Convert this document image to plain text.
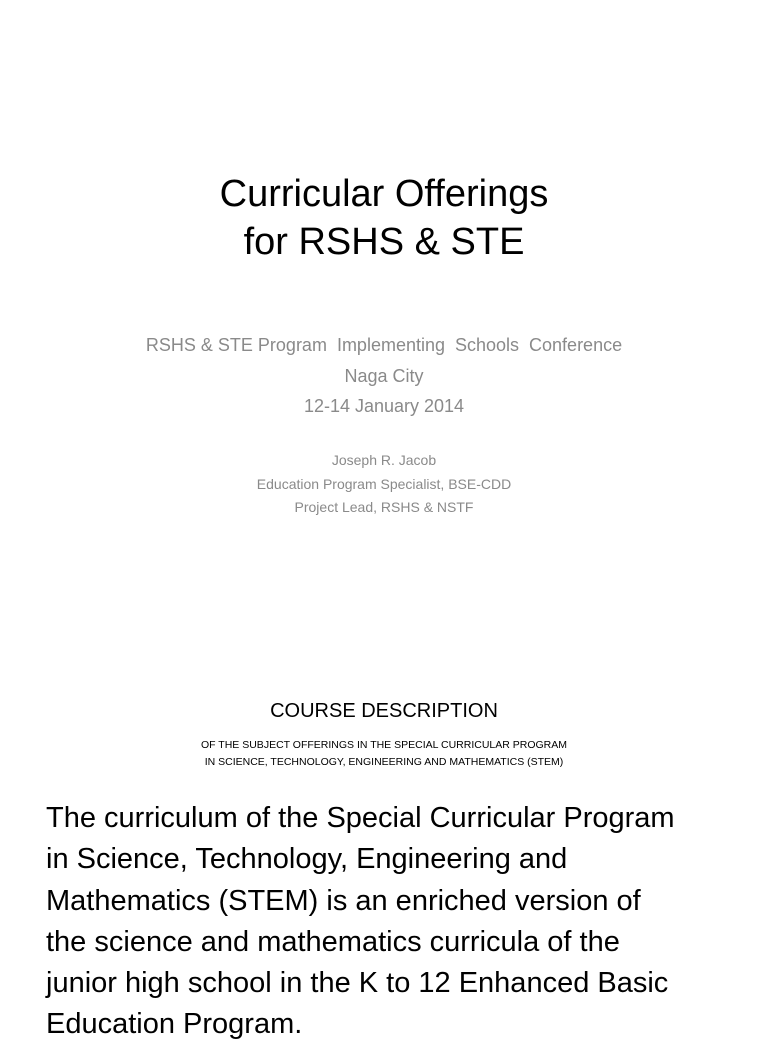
Curricular Offerings
for RSHS & STE
RSHS & STE Program  Implementing  Schools  Conference
Naga City
12-14 January 2014
Joseph R. Jacob
Education Program Specialist, BSE-CDD
Project Lead, RSHS & NSTF
COURSE DESCRIPTION
OF THE SUBJECT OFFERINGS IN THE SPECIAL CURRICULAR PROGRAM
IN SCIENCE, TECHNOLOGY, ENGINEERING AND MATHEMATICS (STEM)
The curriculum of the Special Curricular Program
in Science, Technology, Engineering and
Mathematics (STEM) is an enriched version of
the science and mathematics curricula of the
junior high school in the K to 12 Enhanced Basic
Education Program.
